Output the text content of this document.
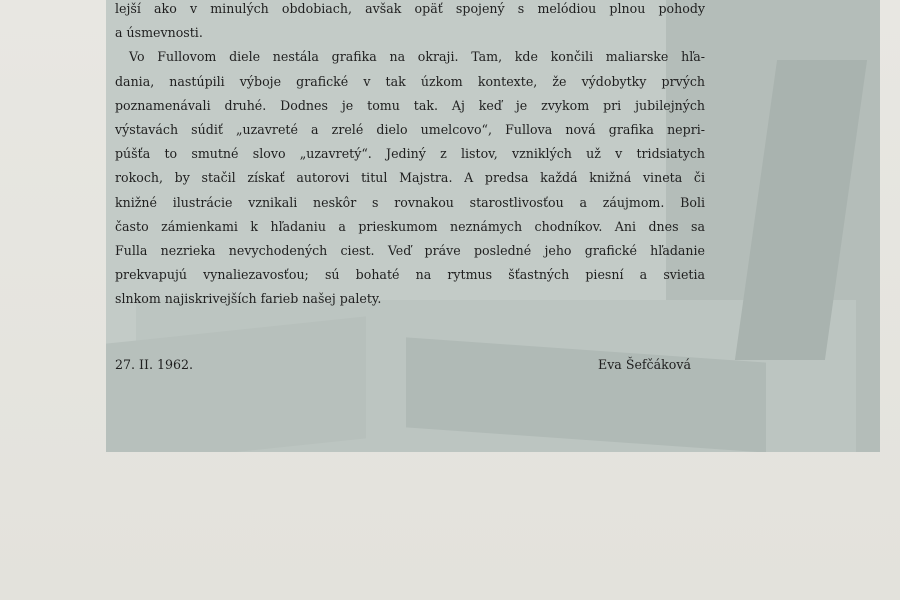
lejší ako v minulých obdobiach, avšak opäť spojený s melódiou plnou pohody
a úsmevnosti.
Vo Fullovom diele nestála grafika na okraji. Tam, kde končili maliarske hľa-
dania, nastúpili výboje grafické v tak úzkom kontexte, že výdobytky prvých
poznamenávali druhé. Dodnes je tomu tak. Aj keď je zvykom pri jubilejných
výstavách súdiť „uzavreté a zrelé dielo umelcovo“, Fullova nová grafika nepri-
púšťa to smutné slovo „uzavretý“. Jediný z listov, vzniklých už v tridsiatych
rokoch, by stačil získať autorovi titul Majstra. A predsa každá knižná vineta či
knižné ilustrácie vznikali neskôr s rovnakou starostlivosťou a záujmom. Boli
často zámienkami k hľadaniu a prieskumom neznámych chodníkov. Ani dnes sa
Fulla nezrieka nevychodených ciest. Veď práve posledné jeho grafické hľadanie
prekvapujú vynaliezavosťou; sú bohaté na rytmus šťastných piesní a svietia
slnkom najiskrivejších farieb našej palety.
27. II. 1962.	Eva Šefčáková
